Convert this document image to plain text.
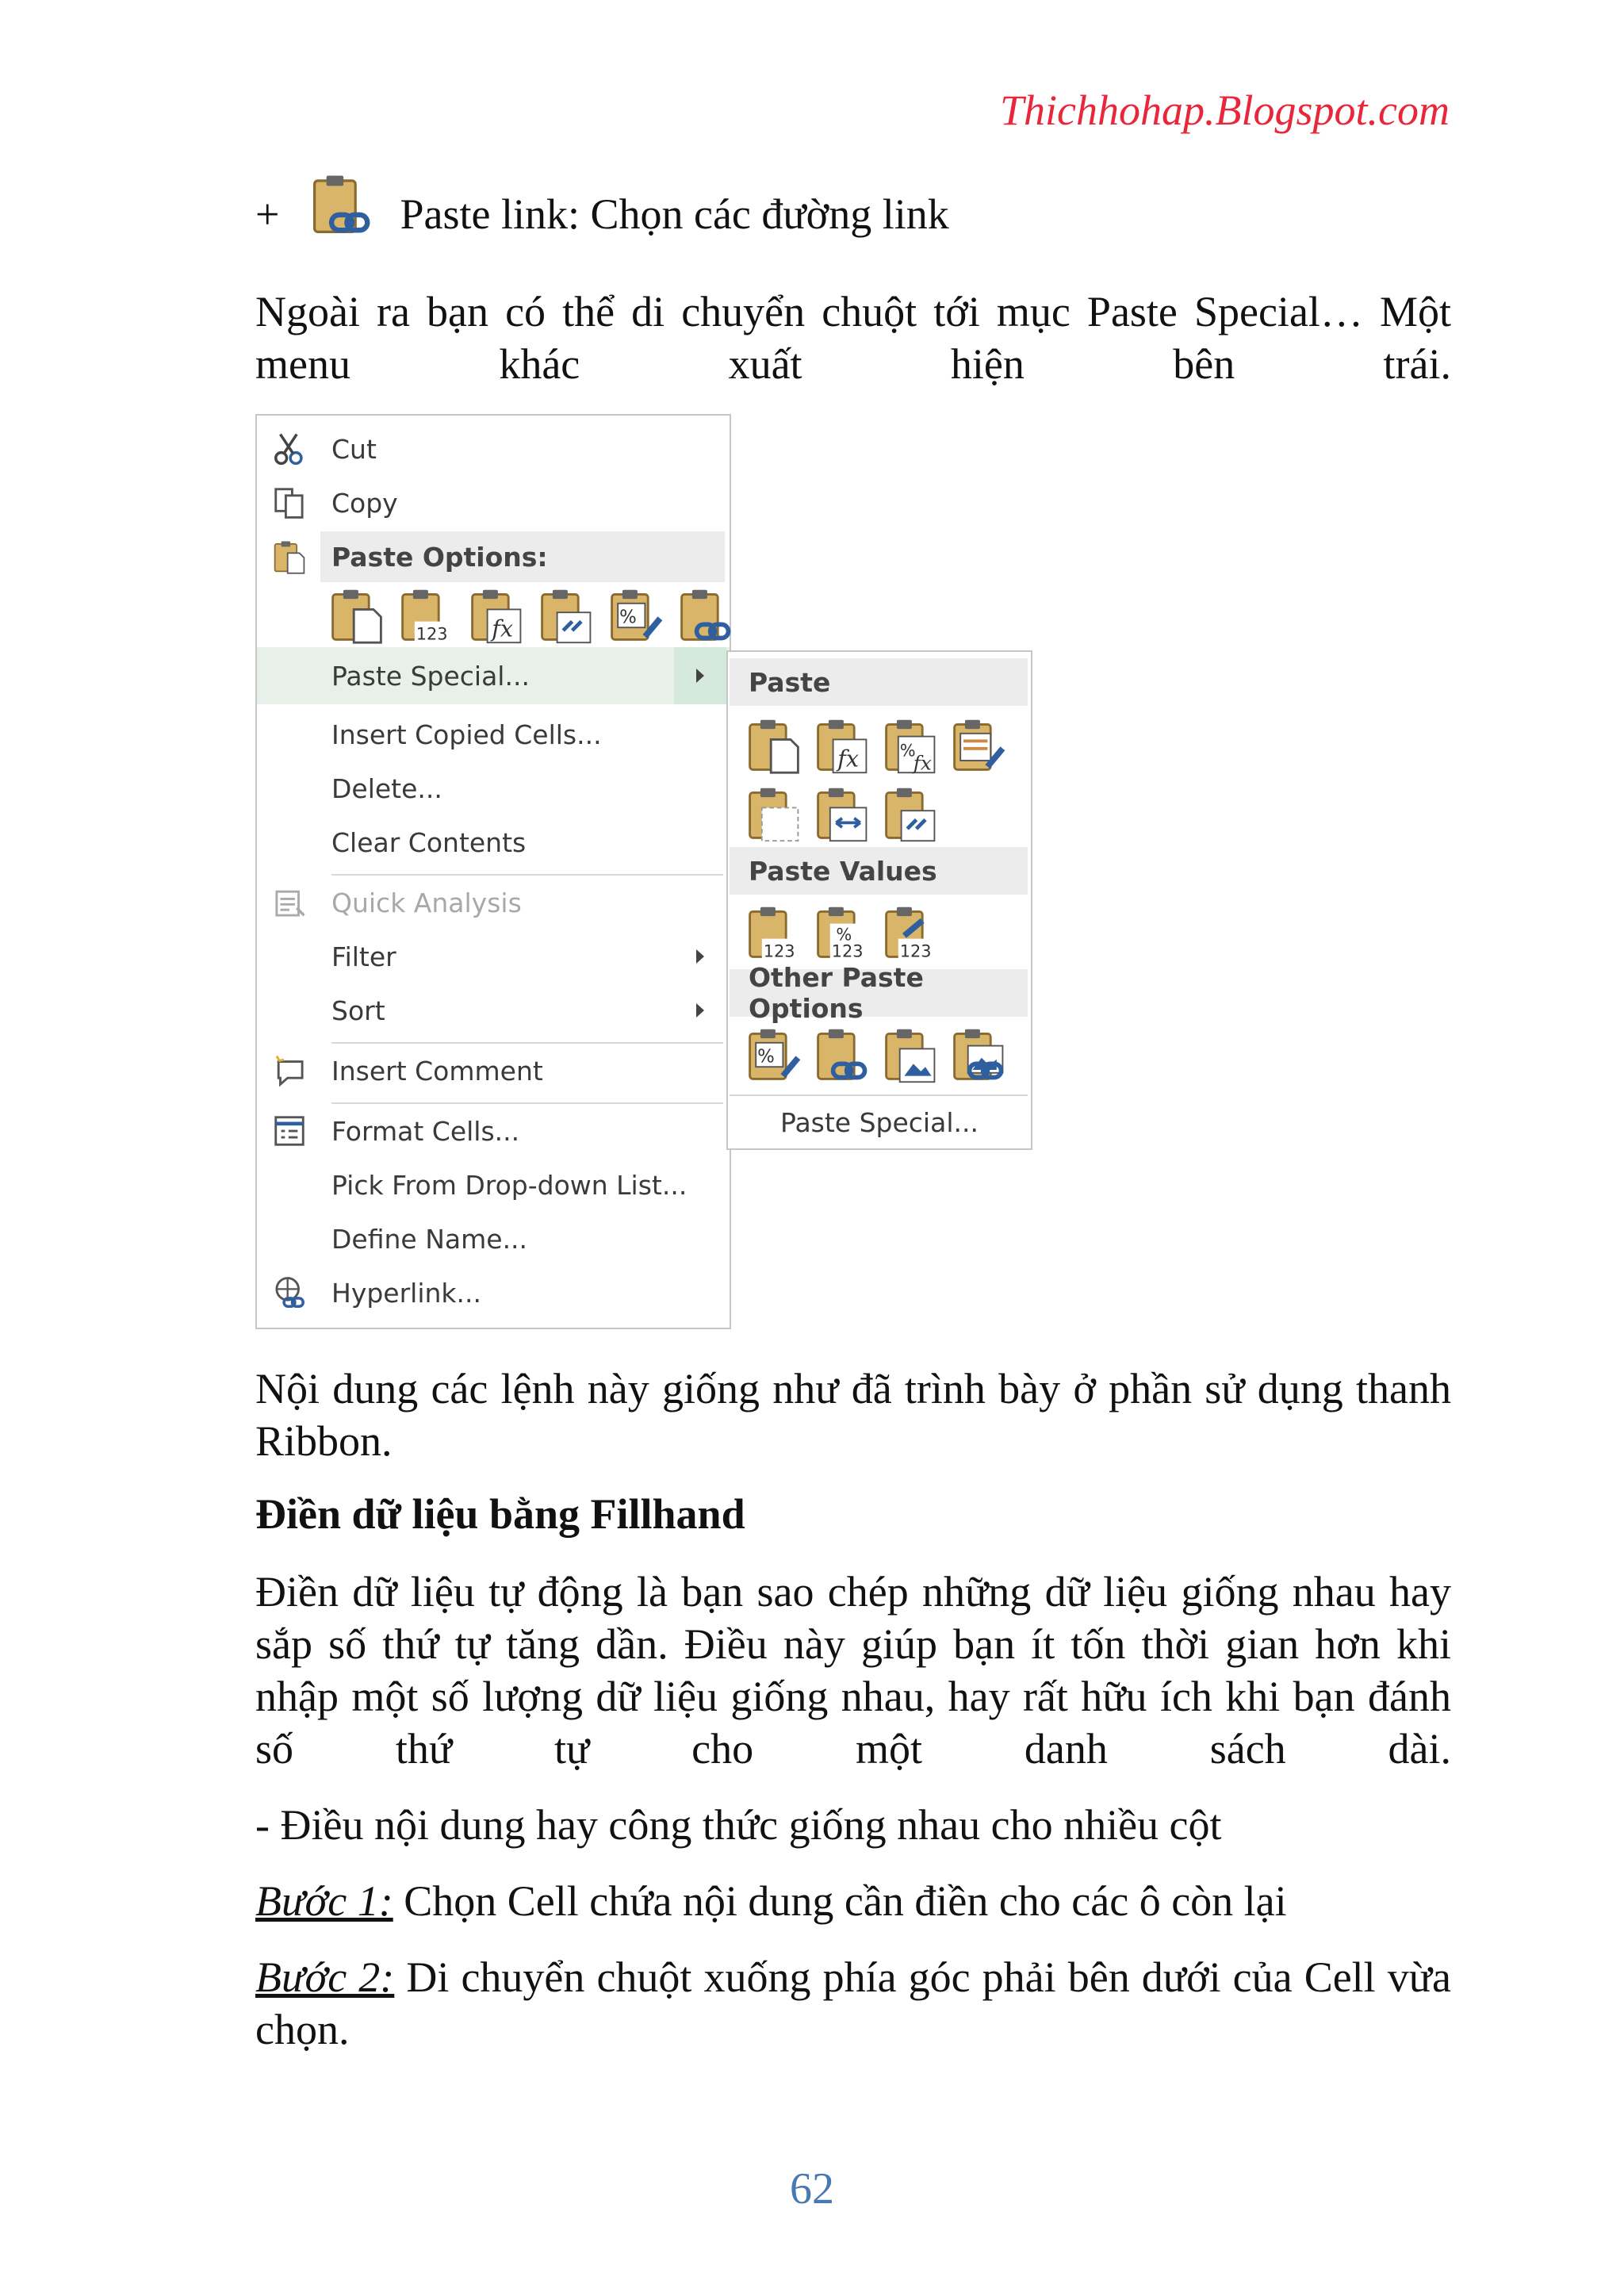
Thichhohap.Blogspot.com
+	Paste link: Chọn các đường link
Ngoài ra bạn có thể di chuyển chuột tới mục Paste Special… Một menu khác xuất hiện bên trái.
Cut
Copy
Paste Options:
123	fx	%
Paste Special...
Insert Copied Cells...
Delete...
Clear Contents
Quick Analysis
Filter
Sort
Insert Comment
Format Cells...
Pick From Drop-down List...
Define Name...
Hyperlink...
Paste
fx	%
fx
Paste Values
123
%
123	123
Other Paste Options
%
Paste Special...
Nội dung các lệnh này giống như đã trình bày ở phần sử dụng thanh Ribbon.
Điền dữ liệu bằng Fillhand
Điền dữ liệu tự động là bạn sao chép những dữ liệu giống nhau hay sắp số thứ tự tăng dần. Điều này giúp bạn ít tốn thời gian hơn khi nhập một số lượng dữ liệu giống nhau, hay rất hữu ích khi bạn đánh số thứ tự cho một danh sách dài.
- Điều nội dung hay công thức giống nhau cho nhiều cột
Bước 1: Chọn Cell chứa nội dung cần điền cho các ô còn lại
Bước 2: Di chuyển chuột xuống phía góc phải bên dưới của Cell vừa chọn.
62
